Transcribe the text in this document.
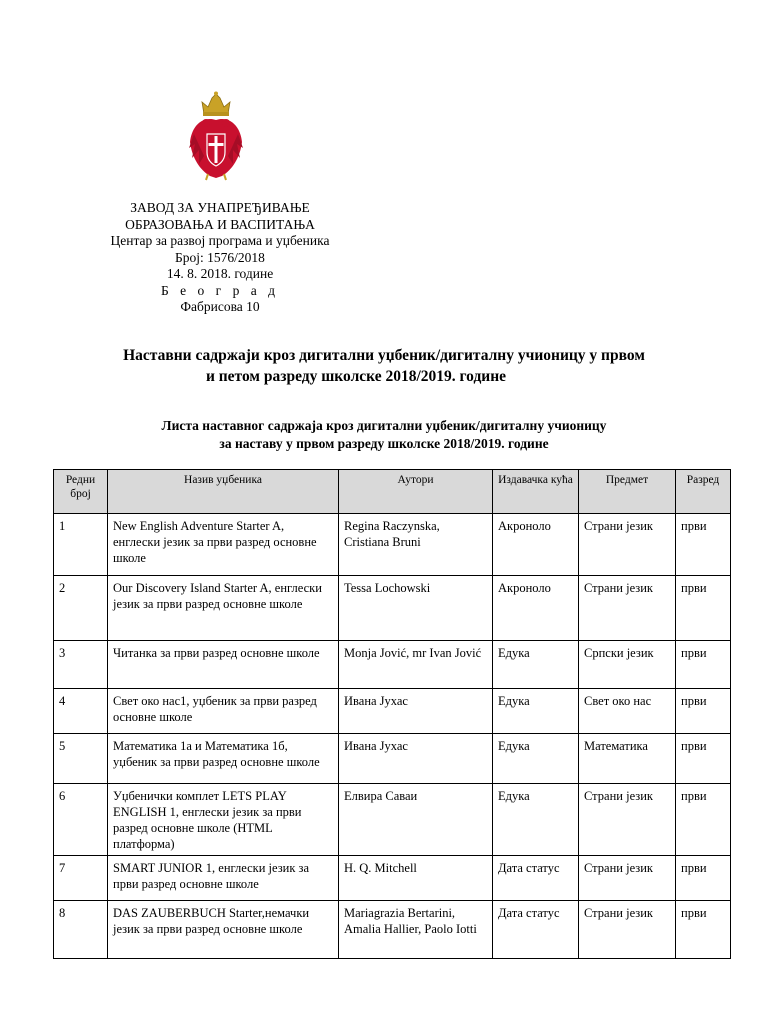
ЗАВОД ЗА УНАПРЕЂИВАЊЕ
ОБРАЗОВАЊА И ВАСПИТАЊА
Центар за развој програма и уџбеника
Број: 1576/2018
14. 8. 2018. године
Б е о г р а д
Фабрисова 10
Наставни садржаји кроз дигитални уџбеник/дигиталну учионицу у првом
и петом разреду школске 2018/2019. године
Листа наставног садржаја кроз дигитални уџбеник/дигиталну учионицу
за наставу у првом разреду школске 2018/2019. године
Редни број	Назив уџбеника	Аутори	Издавачка кућа	Предмет	Разред
1	New English Adventure Starter A, енглески језик за први разред основне школе	Regina Raczynska, Cristiana Bruni	Акроноло	Страни језик	први
2	Our Discovery Island Starter A, енглески језик за први разред основне школе	Tessa Lochowski	Акроноло	Страни језик	први
3	Читанка за први разред основне школе	Monja Jović, mr Ivan Jović	Едука	Српски језик	први
4	Свет око нас1, уџбеник за први разред основне школе	Ивана Јухас	Едука	Свет око нас	први
5	Математика 1а и Математика 1б, уџбеник за први разред основне школе	Ивана Јухас	Едука	Математика	први
6	Уџбенички комплет LETS PLAY ENGLISH 1, енглески језик за први разред основне школе (HTML платформа)	Елвира Саваи	Едука	Страни језик	први
7	SMART JUNIOR 1, енглески језик за први разред основне школе	H. Q. Mitchell	Дата статус	Страни језик	први
8	DAS ZAUBERBUCH Starter,немачки језик за први разред основне школе	Mariagrazia Bertarini, Amalia Hallier, Paolo Iotti	Дата статус	Страни језик	први
